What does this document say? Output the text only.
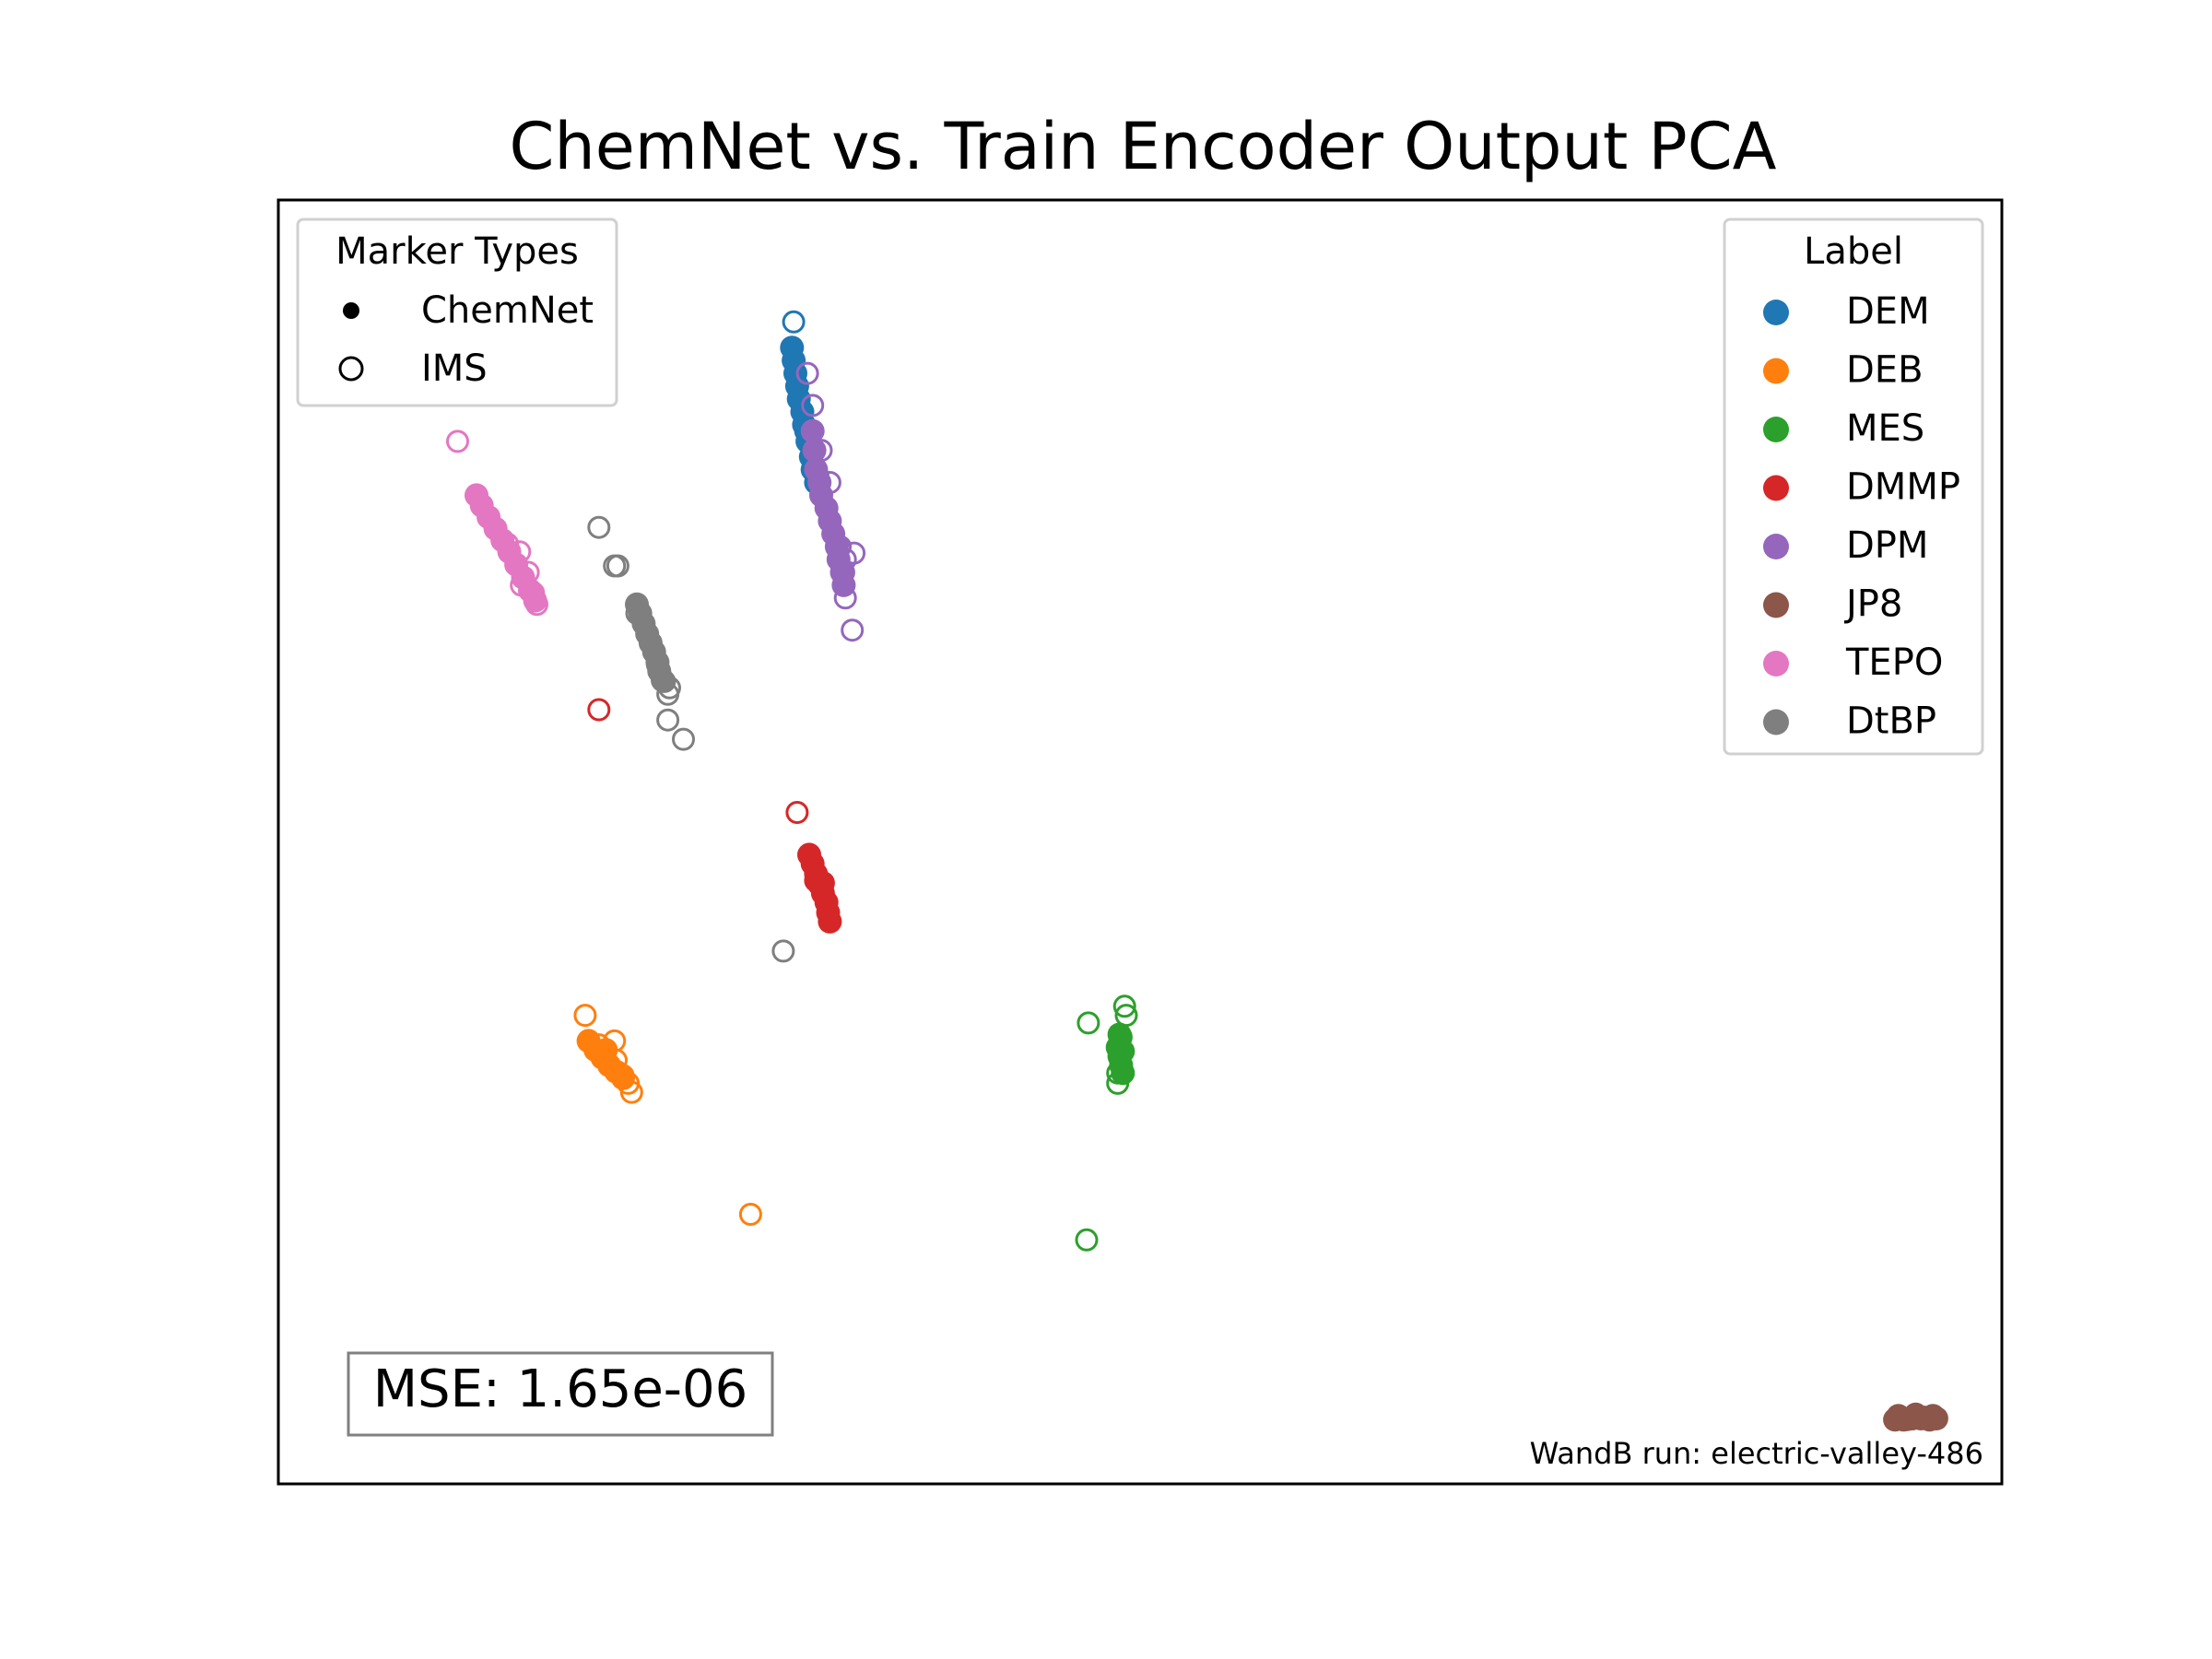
ChemNet vs. Train Encoder Output PCA
Marker Types
ChemNet
IMS
Label
DEM
DEB
MES
DMMP
DPM
JP8
TEPO
DtBP
MSE: 1.65e-06
WandB run: electric-valley-486
